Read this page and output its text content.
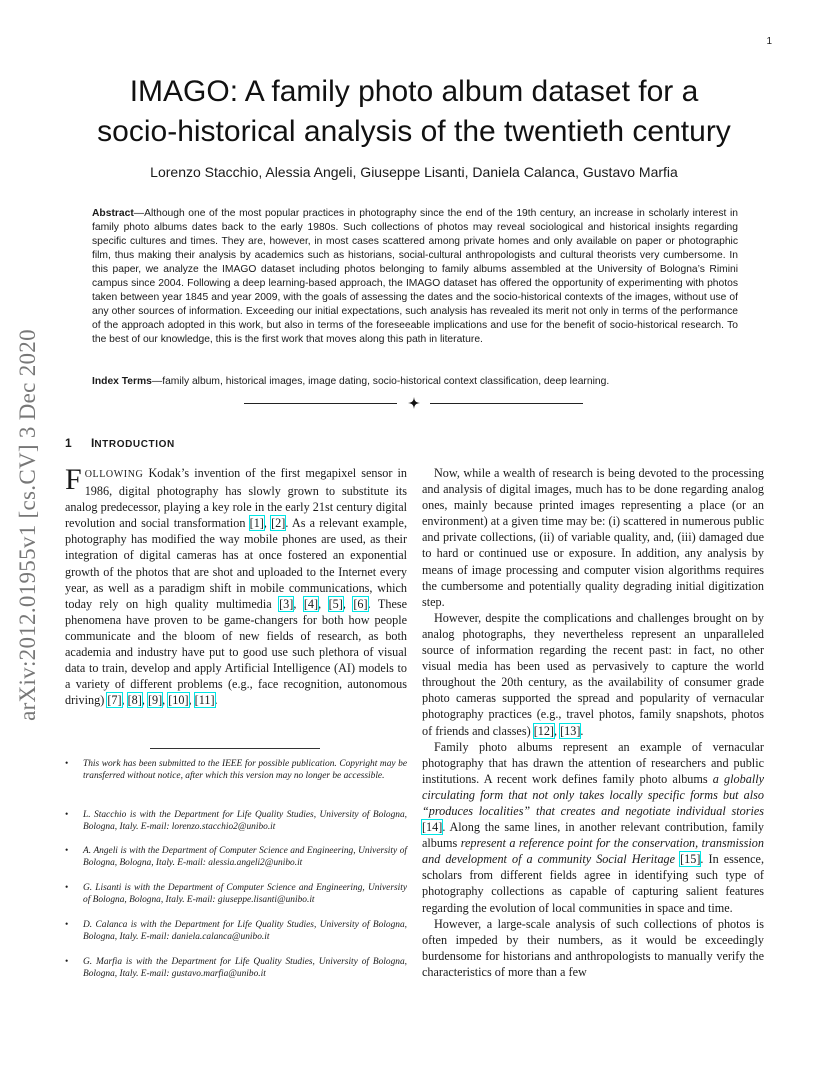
1
arXiv:2012.01955v1 [cs.CV] 3 Dec 2020
IMAGO: A family photo album dataset for a
socio-historical analysis of the twentieth century
Lorenzo Stacchio, Alessia Angeli, Giuseppe Lisanti, Daniela Calanca, Gustavo Marfia
Abstract—Although one of the most popular practices in photography since the end of the 19th century, an increase in scholarly interest in family photo albums dates back to the early 1980s. Such collections of photos may reveal sociological and historical insights regarding specific cultures and times. They are, however, in most cases scattered among private homes and only available on paper or photographic film, thus making their analysis by academics such as historians, social-cultural anthropologists and cultural theorists very cumbersome. In this paper, we analyze the IMAGO dataset including photos belonging to family albums assembled at the University of Bologna’s Rimini campus since 2004. Following a deep learning-based approach, the IMAGO dataset has offered the opportunity of experimenting with photos taken between year 1845 and year 2009, with the goals of assessing the dates and the socio-historical contexts of the images, without use of any other sources of information. Exceeding our initial expectations, such analysis has revealed its merit not only in terms of the performance of the approach adopted in this work, but also in terms of the foreseeable implications and use for the benefit of socio-historical research. To the best of our knowledge, this is the first work that moves along this path in literature.
Index Terms—family album, historical images, image dating, socio-historical context classification, deep learning.
1 INTRODUCTION

FOLLOWING Kodak’s invention of the first megapixel sensor in 1986, digital photography has slowly grown to substitute its analog predecessor, playing a key role in the early 21st century digital revolution and social transformation [1], [2]. As a relevant example, photography has modified the way mobile phones are used, as their integration of digital cameras has at once fostered an exponential growth of the photos that are shot and uploaded to the Internet every year, as well as a paradigm shift in mobile communications, which today rely on high quality multimedia [3], [4], [5], [6]. These phenomena have proven to be game-changers for both how people communicate and the bloom of new fields of research, as both academia and industry have put to good use such plethora of visual data to train, develop and apply Artificial Intelligence (AI) models to a variety of different problems (e.g., face recognition, autonomous driving) [7], [8], [9], [10], [11].

• This work has been submitted to the IEEE for possible publication. Copyright may be transferred without notice, after which this version may no longer be accessible.
• L. Stacchio is with the Department for Life Quality Studies, University of Bologna, Bologna, Italy. E-mail: lorenzo.stacchio2@unibo.it
• A. Angeli is with the Department of Computer Science and Engineering, University of Bologna, Bologna, Italy. E-mail: alessia.angeli2@unibo.it
• G. Lisanti is with the Department of Computer Science and Engineering, University of Bologna, Bologna, Italy. E-mail: giuseppe.lisanti@unibo.it
• D. Calanca is with the Department for Life Quality Studies, University of Bologna, Bologna, Italy. E-mail: daniela.calanca@unibo.it
• G. Marfia is with the Department for Life Quality Studies, University of Bologna, Bologna, Italy. E-mail: gustavo.marfia@unibo.it

Now, while a wealth of research is being devoted to the processing and analysis of digital images, much has to be done regarding analog ones, mainly because printed images representing a place (or an environment) at a given time may be: (i) scattered in numerous public and private collections, (ii) of variable quality, and, (iii) damaged due to hard or continued use or exposure. In addition, any analysis by means of image processing and computer vision algorithms requires the cumbersome and potentially quality degrading initial digitization step.

However, despite the complications and challenges brought on by analog photographs, they nevertheless represent an unparalleled source of information regarding the recent past: in fact, no other visual media has been used as pervasively to capture the world throughout the 20th century, as the availability of consumer grade photo cameras supported the spread and popularity of vernacular photography practices (e.g., travel photos, family snapshots, photos of friends and classes) [12], [13].

Family photo albums represent an example of vernacular photography that has drawn the attention of researchers and public institutions. A recent work defines family photo albums a globally circulating form that not only takes locally specific forms but also “produces localities” that creates and negotiate individual stories [14]. Along the same lines, in another relevant contribution, family albums represent a reference point for the conservation, transmission and development of a community Social Heritage [15]. In essence, scholars from different fields agree in identifying such type of photography collections as capable of capturing salient features regarding the evolution of local communities in space and time.

However, a large-scale analysis of such collections of photos is often impeded by their numbers, as it would be exceedingly burdensome for historians and anthropologists to manually verify the characteristics of more than a few
